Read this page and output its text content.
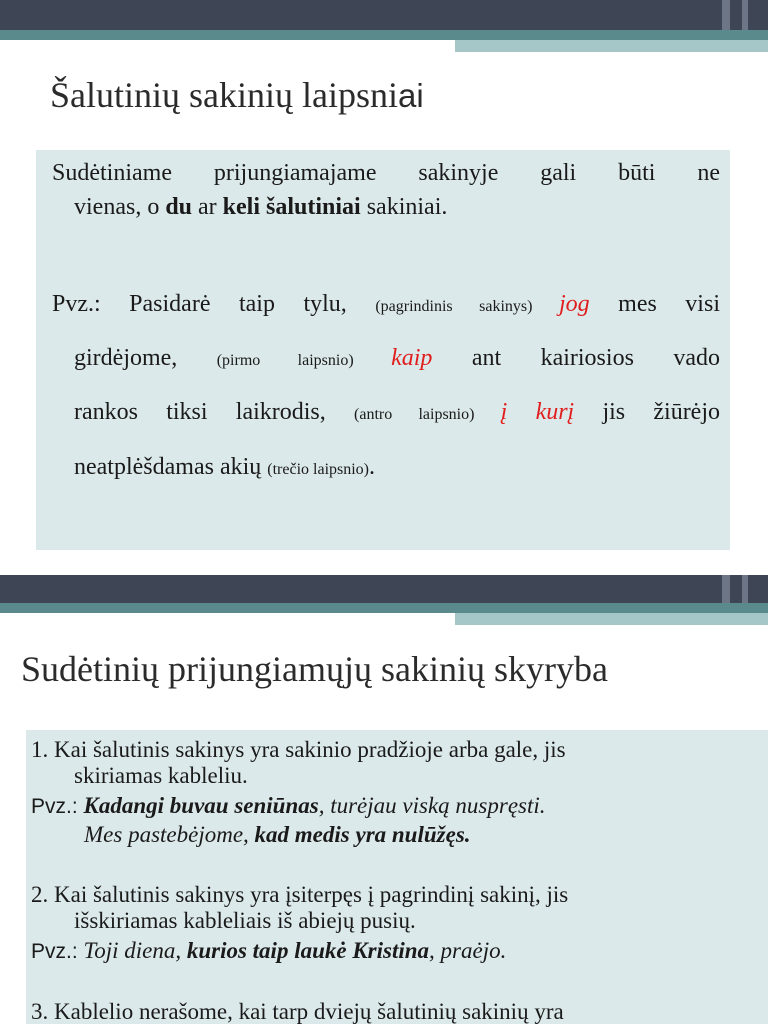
Šalutinių sakinių laipsniai
Sudėtiniame prijungiamajame sakinyje gali būti ne
vienas, o du ar keli šalutiniai sakiniai.
Pvz.: Pasidarė taip tylu, (pagrindinis sakinys) jog mes visi
girdėjome, (pirmo laipsnio) kaip ant kairiosios vado
rankos tiksi laikrodis, (antro laipsnio) į kurį jis žiūrėjo
neatplėšdamas akių (trečio laipsnio).
Sudėtinių prijungiamųjų sakinių skyryba
1. Kai šalutinis sakinys yra sakinio pradžioje arba gale, jis
skiriamas kableliu.
Pvz.: Kadangi buvau seniūnas, turėjau viską nuspręsti.
Mes pastebėjome, kad medis yra nulūžęs.
2. Kai šalutinis sakinys yra įsiterpęs į pagrindinį sakinį, jis
išskiriamas kableliais iš abiejų pusių.
Pvz.: Toji diena, kurios taip laukė Kristina, praėjo.
3. Kablelio nerašome, kai tarp dviejų šalutinių sakinių yra
